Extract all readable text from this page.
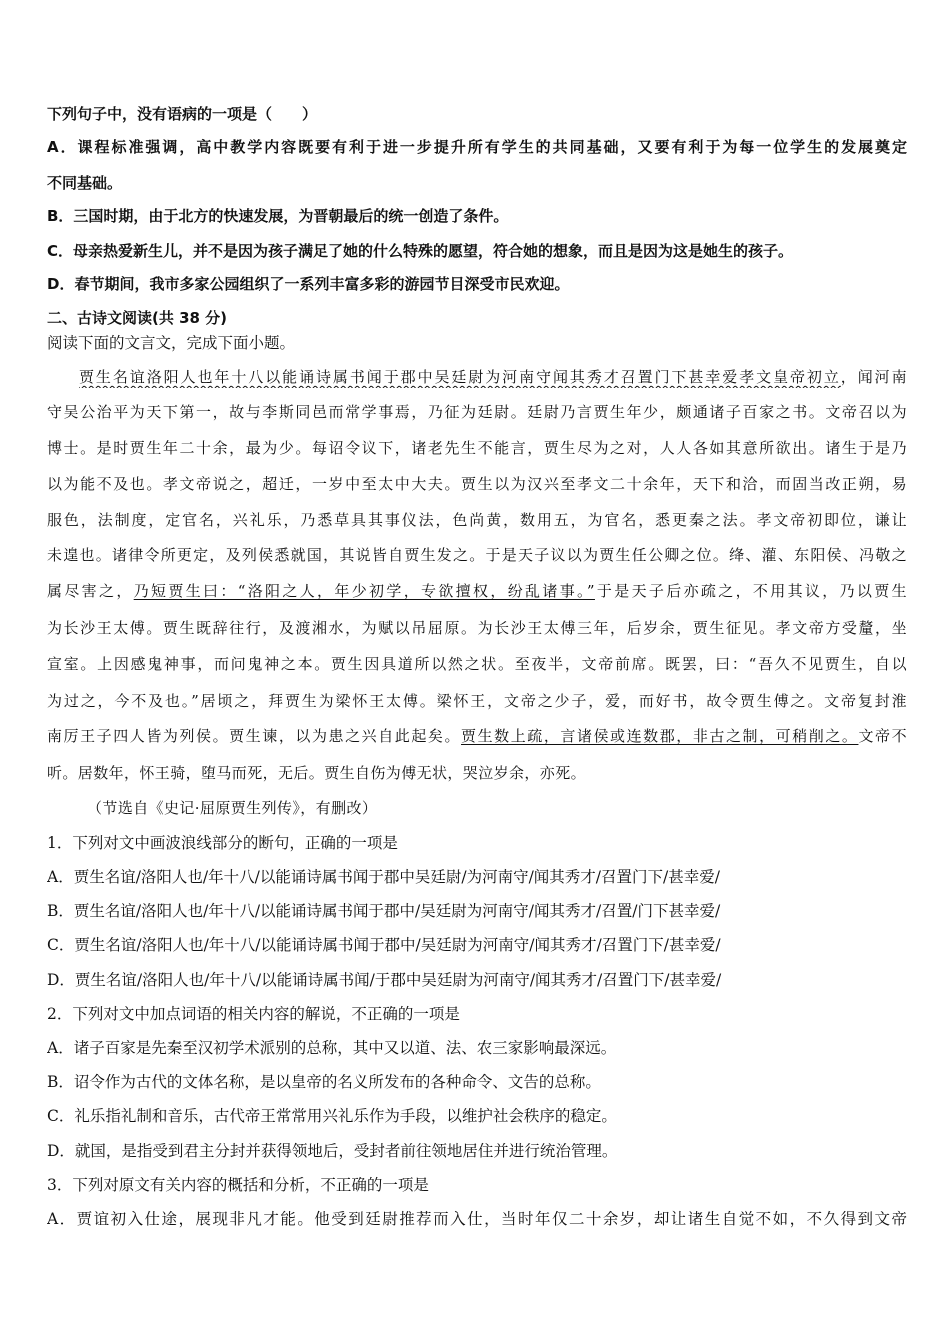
下列句子中，没有语病的一项是（　　）
A．课程标准强调，高中教学内容既要有利于进一步提升所有学生的共同基础，又要有利于为每一位学生的发展奠定
不同基础。
B．三国时期，由于北方的快速发展，为晋朝最后的统一创造了条件。
C．母亲热爱新生儿，并不是因为孩子满足了她的什么特殊的愿望，符合她的想象，而且是因为这是她生的孩子。
D．春节期间，我市多家公园组织了一系列丰富多彩的游园节目深受市民欢迎。
二、古诗文阅读(共 38 分)
阅读下面的文言文，完成下面小题。
贾生名谊洛阳人也年十八以能诵诗属书闻于郡中吴廷尉为河南守闻其秀才召置门下甚幸爱孝文皇帝初立，闻河南
守吴公治平为天下第一，故与李斯同邑而常学事焉，乃征为廷尉。廷尉乃言贾生年少，颇通诸子百家之书。文帝召以为
博士。是时贾生年二十余，最为少。每诏令议下，诸老先生不能言，贾生尽为之对，人人各如其意所欲出。诸生于是乃
以为能不及也。孝文帝说之，超迁，一岁中至太中大夫。贾生以为汉兴至孝文二十余年，天下和洽，而固当改正朔，易
服色，法制度，定官名，兴礼乐，乃悉草具其事仪法，色尚黄，数用五，为官名，悉更秦之法。孝文帝初即位，谦让
未遑也。诸律令所更定，及列侯悉就国，其说皆自贾生发之。于是天子议以为贾生任公卿之位。绛、灌、东阳侯、冯敬之
属尽害之，乃短贾生曰：“洛阳之人，年少初学，专欲擅权，纷乱诸事。”于是天子后亦疏之，不用其议，乃以贾生
为长沙王太傅。贾生既辞往行，及渡湘水，为赋以吊屈原。为长沙王太傅三年，后岁余，贾生征见。孝文帝方受釐，坐
宣室。上因感鬼神事，而问鬼神之本。贾生因具道所以然之状。至夜半，文帝前席。既罢，曰：“吾久不见贾生，自以
为过之，今不及也。”居顷之，拜贾生为梁怀王太傅。梁怀王，文帝之少子，爱，而好书，故令贾生傅之。文帝复封淮
南厉王子四人皆为列侯。贾生谏，以为患之兴自此起矣。贾生数上疏，言诸侯或连数郡，非古之制，可稍削之。文帝不
听。居数年，怀王骑，堕马而死，无后。贾生自伤为傅无状，哭泣岁余，亦死。
（节选自《史记·屈原贾生列传》，有删改）
1．下列对文中画波浪线部分的断句，正确的一项是
A．贾生名谊/洛阳人也/年十八/以能诵诗属书闻于郡中吴廷尉/为河南守/闻其秀才/召置门下/甚幸爱/
B．贾生名谊/洛阳人也/年十八/以能诵诗属书闻于郡中/吴廷尉为河南守/闻其秀才/召置/门下甚幸爱/
C．贾生名谊/洛阳人也/年十八/以能诵诗属书闻于郡中/吴廷尉为河南守/闻其秀才/召置门下/甚幸爱/
D．贾生名谊/洛阳人也/年十八/以能诵诗属书闻/于郡中吴廷尉为河南守/闻其秀才/召置门下/甚幸爱/
2．下列对文中加点词语的相关内容的解说，不正确的一项是
A．诸子百家是先秦至汉初学术派别的总称，其中又以道、法、农三家影响最深远。
B．诏令作为古代的文体名称，是以皇帝的名义所发布的各种命令、文告的总称。
C．礼乐指礼制和音乐，古代帝王常常用兴礼乐作为手段，以维护社会秩序的稳定。
D．就国，是指受到君主分封并获得领地后，受封者前往领地居住并进行统治管理。
3．下列对原文有关内容的概括和分析，不正确的一项是
A．贾谊初入仕途，展现非凡才能。他受到廷尉推荐而入仕，当时年仅二十余岁，却让诸生自觉不如，不久得到文帝
